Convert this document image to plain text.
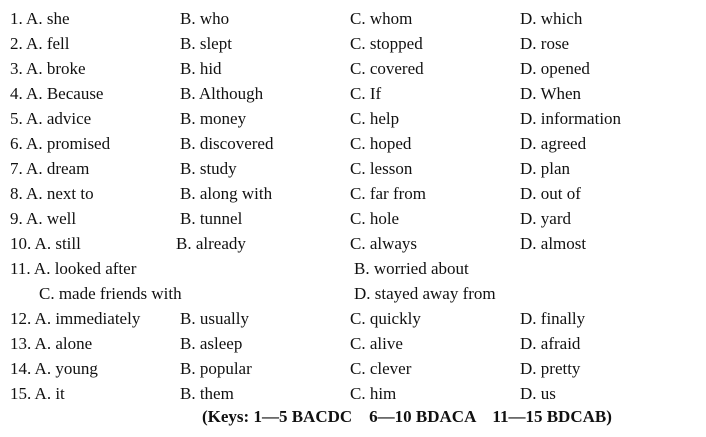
1. A. she	B. who	C. whom	D. which
2. A. fell	B. slept	C. stopped	D. rose
3. A. broke	B. hid	C. covered	D. opened
4. A. Because	B. Although	C. If	D. When
5. A. advice	B. money	C. help	D. information
6. A. promised	B. discovered	C. hoped	D. agreed
7. A. dream	B. study	C. lesson	D. plan
8. A. next to	B. along with	C. far from	D. out of
9. A. well	B. tunnel	C. hole	D. yard
10. A. still	B. already	C. always	D. almost
11. A. looked after	B. worried about
C. made friends with	D. stayed away from
12. A. immediately B. usually	C. quickly	D. finally
13. A. alone	B. asleep	C. alive	D. afraid
14. A. young	B. popular	C. clever	D. pretty
15. A. it	B. them	C. him	D. us
(Keys: 1—5 BACDC    6—10 BDACA    11—15 BDCAB)
